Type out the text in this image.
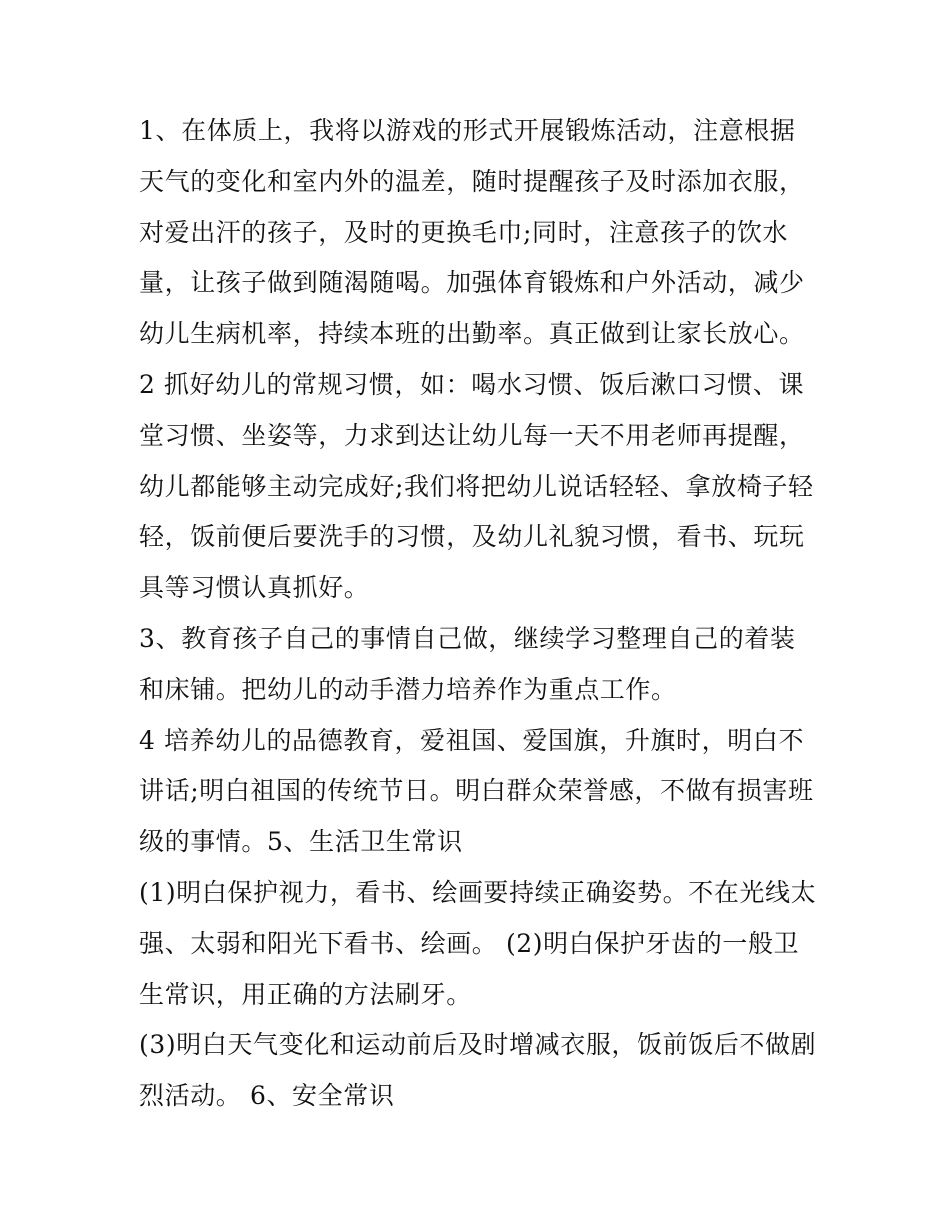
1、在体质上，我将以游戏的形式开展锻炼活动，注意根据天气的变化和室内外的温差，随时提醒孩子及时添加衣服，对爱出汗的孩子，及时的更换毛巾;同时，注意孩子的饮水量，让孩子做到随渴随喝。加强体育锻炼和户外活动，减少幼儿生病机率，持续本班的出勤率。真正做到让家长放心。

2 抓好幼儿的常规习惯，如：喝水习惯、饭后漱口习惯、课堂习惯、坐姿等，力求到达让幼儿每一天不用老师再提醒，幼儿都能够主动完成好;我们将把幼儿说话轻轻、拿放椅子轻轻，饭前便后要洗手的习惯，及幼儿礼貌习惯，看书、玩玩具等习惯认真抓好。

3、教育孩子自己的事情自己做，继续学习整理自己的着装和床铺。把幼儿的动手潜力培养作为重点工作。

4 培养幼儿的品德教育，爱祖国、爱国旗，升旗时，明白不讲话;明白祖国的传统节日。明白群众荣誉感，不做有损害班级的事情。5、生活卫生常识

(1)明白保护视力，看书、绘画要持续正确姿势。不在光线太强、太弱和阳光下看书、绘画。 (2)明白保护牙齿的一般卫生常识，用正确的方法刷牙。

(3)明白天气变化和运动前后及时增减衣服，饭前饭后不做剧烈活动。 6、安全常识
